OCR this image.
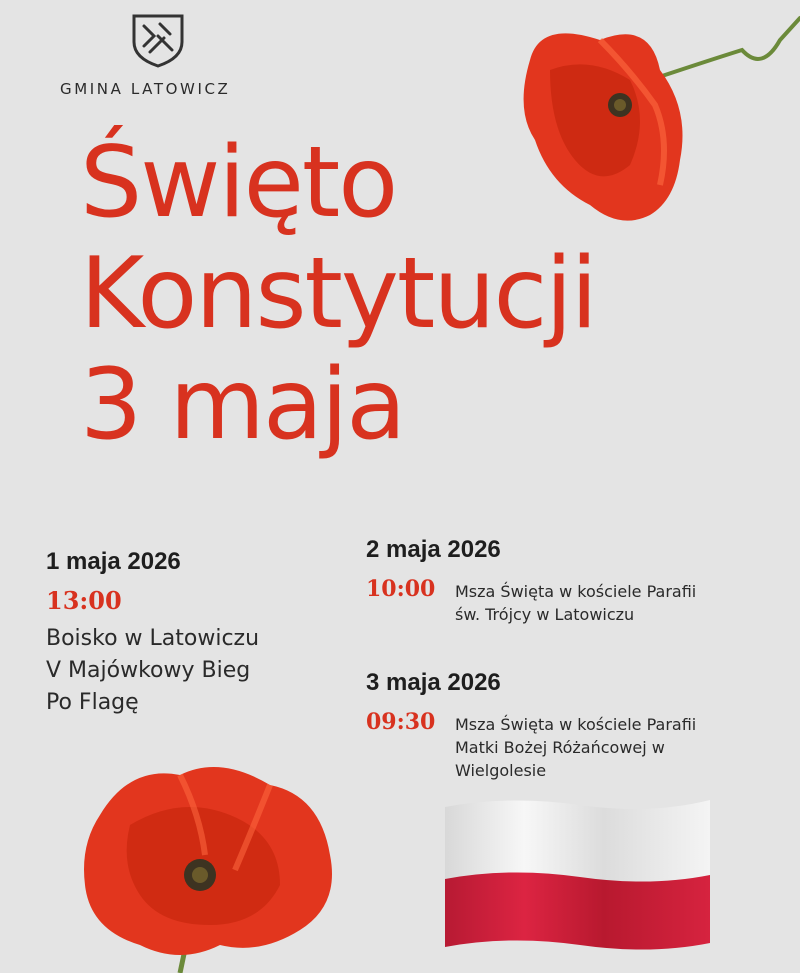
GMINA LATOWICZ
Święto
Konstytucji
3 maja
1 maja 2026
13:00
Boisko w Latowiczu
V Majówkowy Bieg
Po Flagę
2 maja 2026
10:00 Msza Święta w kościele Parafii
św. Trójcy w Latowiczu
3 maja 2026
09:30 Msza Święta w kościele Parafii
Matki Bożej Różańcowej w
Wielgolesie
